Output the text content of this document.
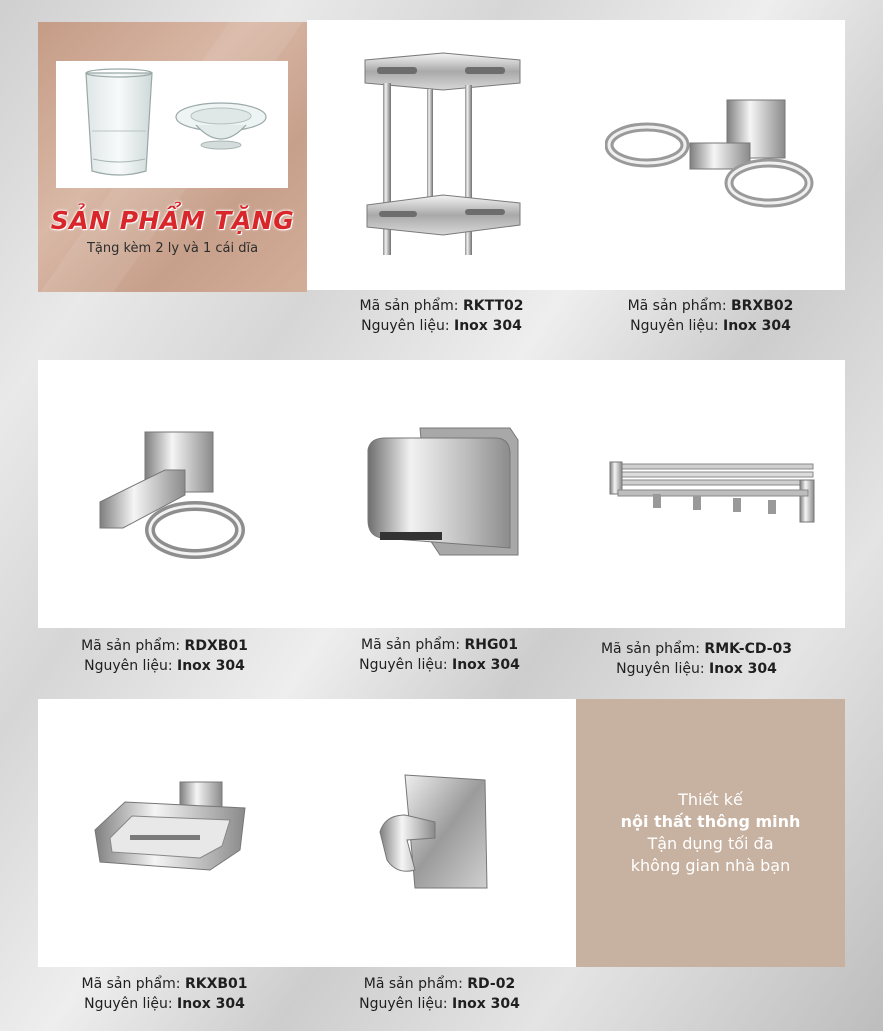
SẢN PHẨM TẶNG
Tặng kèm 2 ly và 1 cái dĩa
Mã sản phẩm: RKTT02
Nguyên liệu: Inox 304
Mã sản phẩm: BRXB02
Nguyên liệu: Inox 304
Mã sản phẩm: RDXB01
Nguyên liệu: Inox 304
Mã sản phẩm: RHG01
Nguyên liệu: Inox 304
Mã sản phẩm: RMK-CD-03
Nguyên liệu: Inox 304
Mã sản phẩm: RKXB01
Nguyên liệu: Inox 304
Mã sản phẩm: RD-02
Nguyên liệu: Inox 304
Thiết kế
nội thất thông minh
Tận dụng tối đa
không gian nhà bạn
